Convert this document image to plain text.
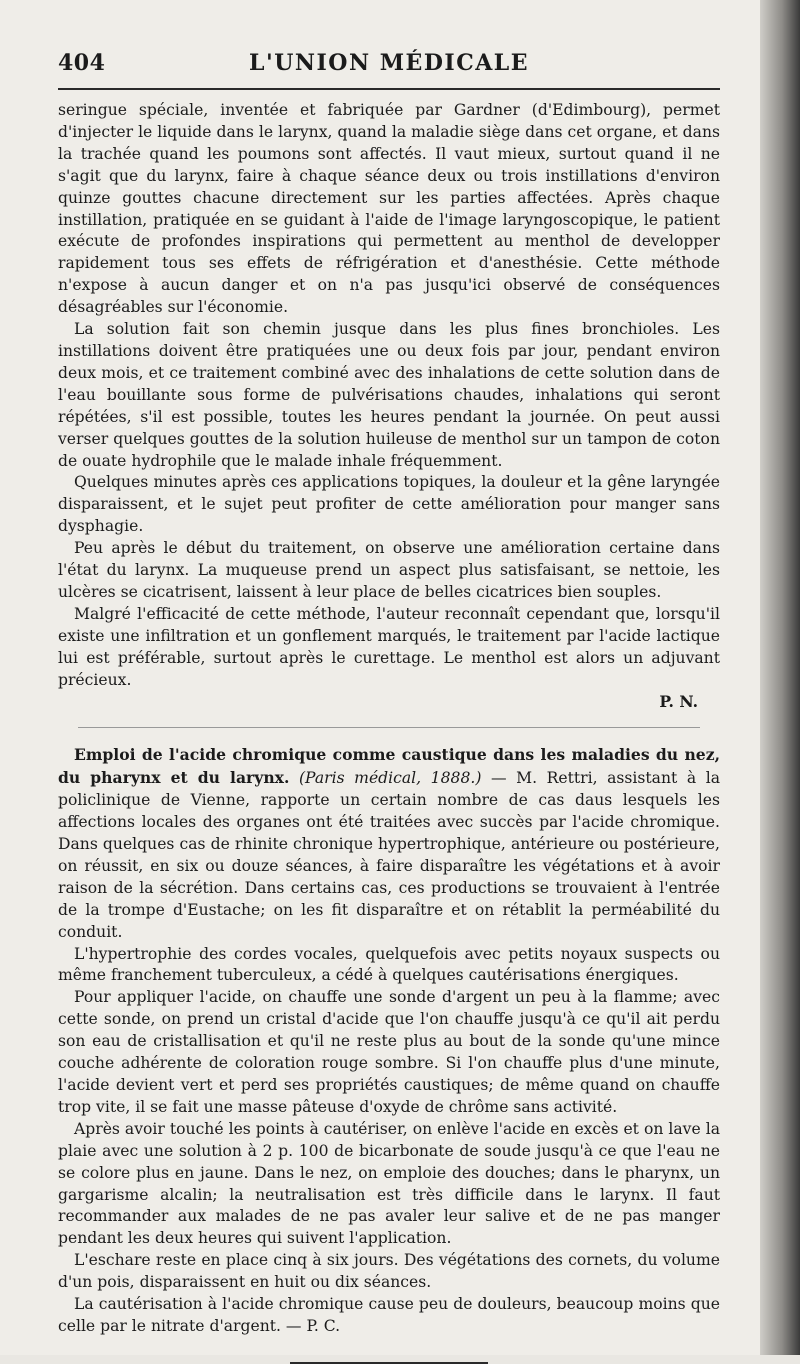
404	L'UNION MÉDICALE

seringue spéciale, inventée et fabriquée par Gardner (d'Edimbourg), permet d'injecter le liquide dans le larynx, quand la maladie siège dans cet organe, et dans la trachée quand les poumons sont affectés. Il vaut mieux, surtout quand il ne s'agit que du larynx, faire à chaque séance deux ou trois instillations d'environ quinze gouttes chacune directement sur les parties affectées. Après chaque instillation, pratiquée en se guidant à l'aide de l'image laryngoscopique, le patient exécute de profondes inspirations qui permettent au menthol de developper rapidement tous ses effets de réfrigération et d'anesthésie. Cette méthode n'expose à aucun danger et on n'a pas jusqu'ici observé de conséquences désagréables sur l'économie.

La solution fait son chemin jusque dans les plus fines bronchioles. Les instillations doivent être pratiquées une ou deux fois par jour, pendant environ deux mois, et ce traitement combiné avec des inhalations de cette solution dans de l'eau bouillante sous forme de pulvérisations chaudes, inhalations qui seront répétées, s'il est possible, toutes les heures pendant la journée. On peut aussi verser quelques gouttes de la solution huileuse de menthol sur un tampon de coton de ouate hydrophile que le malade inhale fréquemment.

Quelques minutes après ces applications topiques, la douleur et la gêne laryngée disparaissent, et le sujet peut profiter de cette amélioration pour manger sans dysphagie.

Peu après le début du traitement, on observe une amélioration certaine dans l'état du larynx. La muqueuse prend un aspect plus satisfaisant, se nettoie, les ulcères se cicatrisent, laissent à leur place de belles cicatrices bien souples.

Malgré l'efficacité de cette méthode, l'auteur reconnaît cependant que, lorsqu'il existe une infiltration et un gonflement marqués, le traitement par l'acide lactique lui est préférable, surtout après le curettage. Le menthol est alors un adjuvant précieux.

P. N.

Emploi de l'acide chromique comme caustique dans les maladies du nez, du pharynx et du larynx. (Paris médical, 1888.) — M. Rettri, assistant à la policlinique de Vienne, rapporte un certain nombre de cas daus lesquels les affections locales des organes ont été traitées avec succès par l'acide chromique. Dans quelques cas de rhinite chronique hypertrophique, antérieure ou postérieure, on réussit, en six ou douze séances, à faire disparaître les végétations et à avoir raison de la sécrétion. Dans certains cas, ces productions se trouvaient à l'entrée de la trompe d'Eustache; on les fit disparaître et on rétablit la perméabilité du conduit.

L'hypertrophie des cordes vocales, quelquefois avec petits noyaux suspects ou même franchement tuberculeux, a cédé à quelques cautérisations énergiques.

Pour appliquer l'acide, on chauffe une sonde d'argent un peu à la flamme; avec cette sonde, on prend un cristal d'acide que l'on chauffe jusqu'à ce qu'il ait perdu son eau de cristallisation et qu'il ne reste plus au bout de la sonde qu'une mince couche adhérente de coloration rouge sombre. Si l'on chauffe plus d'une minute, l'acide devient vert et perd ses propriétés caustiques; de même quand on chauffe trop vite, il se fait une masse pâteuse d'oxyde de chrôme sans activité.

Après avoir touché les points à cautériser, on enlève l'acide en excès et on lave la plaie avec une solution à 2 p. 100 de bicarbonate de soude jusqu'à ce que l'eau ne se colore plus en jaune. Dans le nez, on emploie des douches; dans le pharynx, un gargarisme alcalin; la neutralisation est très difficile dans le larynx. Il faut recommander aux malades de ne pas avaler leur salive et de ne pas manger pendant les deux heures qui suivent l'application.

L'eschare reste en place cinq à six jours. Des végétations des cornets, du volume d'un pois, disparaissent en huit ou dix séances.

La cautérisation à l'acide chromique cause peu de douleurs, beaucoup moins que celle par le nitrate d'argent. — P. C.
